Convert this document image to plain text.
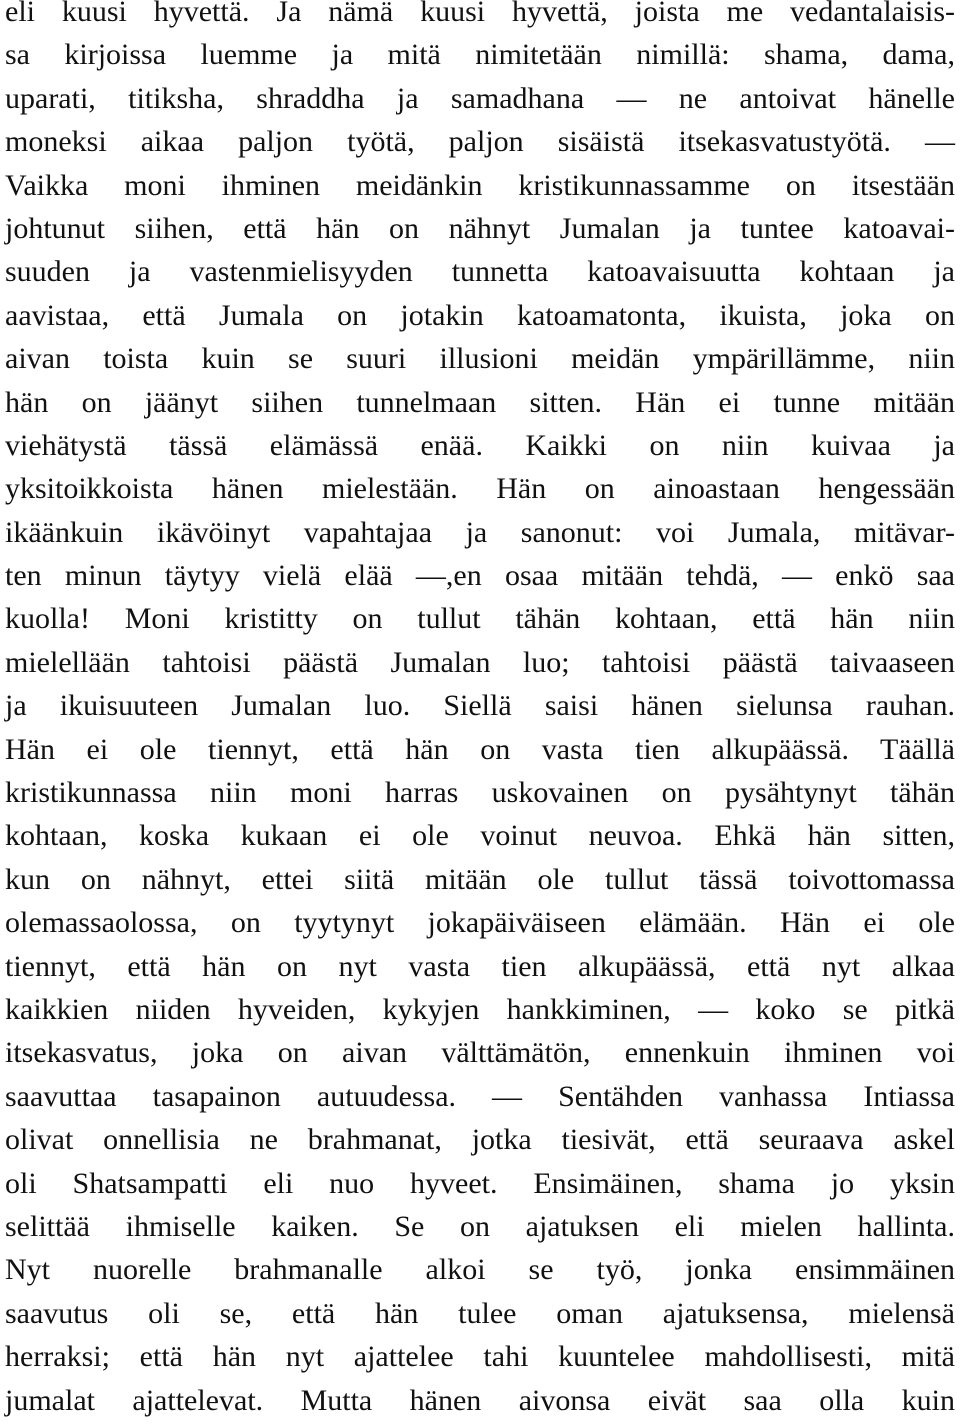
eli kuusi hyvettä. Ja nämä kuusi hyvettä, joista me vedantalaisis-
sa kirjoissa luemme ja mitä nimitetään nimillä: shama, dama,
uparati, titiksha, shraddha ja samadhana — ne antoivat hänelle
moneksi aikaa paljon työtä, paljon sisäistä itsekasvatustyötä. —
Vaikka moni ihminen meidänkin kristikunnassamme on itsestään
johtunut siihen, että hän on nähnyt Jumalan ja tuntee katoavai-
suuden ja vastenmielisyyden tunnetta katoavaisuutta kohtaan ja
aavistaa, että Jumala on jotakin katoamatonta, ikuista, joka on
aivan toista kuin se suuri illusioni meidän ympärillämme, niin
hän on jäänyt siihen tunnelmaan sitten. Hän ei tunne mitään
viehätystä tässä elämässä enää. Kaikki on niin kuivaa ja
yksitoikkoista hänen mielestään. Hän on ainoastaan hengessään
ikäänkuin ikävöinyt vapahtajaa ja sanonut: voi Jumala, mitävar-
ten minun täytyy vielä elää —,en osaa mitään tehdä, — enkö saa
kuolla! Moni kristitty on tullut tähän kohtaan, että hän niin
mielellään tahtoisi päästä Jumalan luo; tahtoisi päästä taivaaseen
ja ikuisuuteen Jumalan luo. Siellä saisi hänen sielunsa rauhan.
Hän ei ole tiennyt, että hän on vasta tien alkupäässä. Täällä
kristikunnassa niin moni harras uskovainen on pysähtynyt tähän
kohtaan, koska kukaan ei ole voinut neuvoa. Ehkä hän sitten,
kun on nähnyt, ettei siitä mitään ole tullut tässä toivottomassa
olemassaolossa, on tyytynyt jokapäiväiseen elämään. Hän ei ole
tiennyt, että hän on nyt vasta tien alkupäässä, että nyt alkaa
kaikkien niiden hyveiden, kykyjen hankkiminen, — koko se pitkä
itsekasvatus, joka on aivan välttämätön, ennenkuin ihminen voi
saavuttaa tasapainon autuudessa. — Sentähden vanhassa Intiassa
olivat onnellisia ne brahmanat, jotka tiesivät, että seuraava askel
oli Shatsampatti eli nuo hyveet. Ensimäinen, shama jo yksin
selittää ihmiselle kaiken. Se on ajatuksen eli mielen hallinta.
Nyt nuorelle brahmanalle alkoi se työ, jonka ensimmäinen
saavutus oli se, että hän tulee oman ajatuksensa, mielensä
herraksi; että hän nyt ajattelee tahi kuuntelee mahdollisesti, mitä
jumalat ajattelevat. Mutta hänen aivonsa eivät saa olla kuin
